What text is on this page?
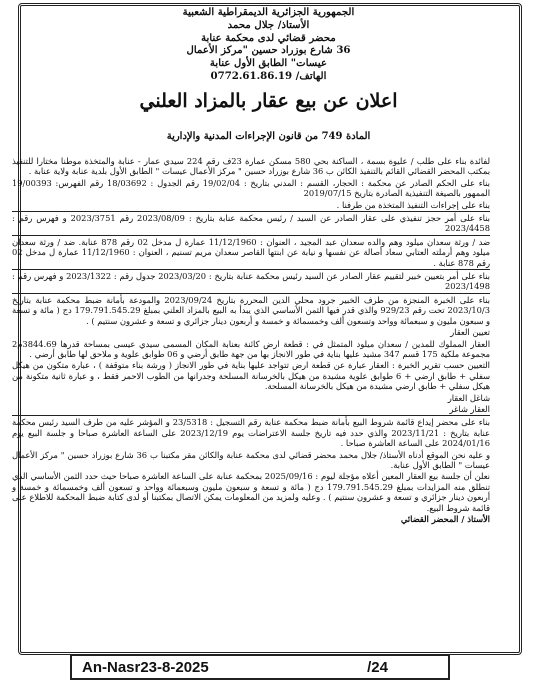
الجمهورية الجزائرية الديمقراطية الشعبية
الأستاذ/ جلال محمد
محضر قضائي لدى محكمة عنابة
36 شارع بوزراد حسين "مركز الأعمال
عيسات" الطابق الأول عنابة
الهاتف/ 0772.61.86.19
اعلان عن بيع عقار بالمزاد العلني
المادة 749 من قانون الإجراءات المدنية والإدارية

لفائدة بناء على طلب / عليوة بسمة ، الساكنة بحي 580 مسكن عمارة 23ف رقم 224 سيدي عمار - عنابة والمتخذة موطنا مختارا للتنفيذ بمكتب المحضر القضائي القائم بالتنفيذ الكائن ب 36 شارع بوزراد حسين " مركز الأعمال عيسات " الطابق الأول بلدية عنابة ولاية عنابة .

بناء على الحكم الصادر عن محكمة : الحجار، القسم : المدني بتاريخ : 19/02/04 رقم الجدول : 18/03692 رقم الفهرس: 19/00393 الممهور بالصيغة التنفيذية الصادرة بتاريخ 2019/07/15

بناء على إجراءات التنفيذ المتخذة من طرفنا .

بناء على أمر حجز تنفيذي على عقار الصادر عن السيد / رئيس محكمة عنابة بتاريخ : 2023/08/09 رقم 2023/3751 و فهرس رقم : 2023/4458

ضد / ورثة سعدان ميلود وهم والده سعدان عبد المجيد ، العنوان : 11/12/1960 عمارة ل مدخل 02 رقم 878 عنابة. ضد / ورثة سعدان ميلود وهم أرملته العتابي سعاد أصالة عن نفسها و نيابة عن ابنتها القاصر سعدان مريم تسنيم ، العنوان : 11/12/1960 عمارة ل مدخل 02 رقم 878 عنابة .

بناء على أمر بتعيين خبير لتقييم عقار الصادر عن السيد رئيس محكمة عنابة بتاريخ : 2023/03/20 جدول رقم : 2023/1322 و فهرس رقم : 2023/1498

بناء على الخبرة المنجزة من طرف الخبير جرود محلي الدين المحررة بتاريخ 2023/09/24 والمودعة بأمانة ضبط محكمة عنابة بتاريخ 2023/10/3 تحت رقم 929/23 والذي قدر فيها الثمن الأساسي الذي يبدأ به البيع بالمزاد العلني بمبلغ 179.791.545.29 دج ( مائة و تسعة و سبعون مليون و سبعمائة وواحد وتسعون ألف وخمسمائة و خمسة و أربعون دينار جزائري و تسعة و عشرون سنتيم ) .

تعيين العقار

العقار المملوك للمدين / سعدان ميلود المتمثل في : قطعة ارض كائنة بعنابة المكان المسمى سيدي عيسى بمساحة قدرها 3844.69م2 مجموعة ملكية 175 قسم 347 مشيد عليها بناية في طور الانجاز بها من جهة طابق أرضي و 06 طوابق علوية و ملاحق لها طابق أرضي .

التعيين حسب تقرير الخبرة : العقار عبارة عن قطعة ارض تتواجد عليها بناية في طور الانجاز ( ورشة بناء متوقفة ) ، عبارة متكون من هيكل سفلي + طابق ارضي + 6 طوابق علوية مشيدة من هيكل بالخرسانة المسلحة وجدرانها من الطوب الاحمر فقط ، و عبارة ثانية متكونة من هيكل سفلي + طابق ارضي مشيدة من هيكل بالخرسانة المسلحة.

شاغل العقار

العقار شاغر

بناء على محضر إيداع قائمة شروط البيع بأمانة ضبط محكمة عنابة رقم التسجيل : 23/5318 و المؤشر عليه من طرف السيد رئيس محكمة عنابة بتاريخ : 2023/11/21 والذي حدد فيه تاريخ جلسة الاعتراضات يوم 2023/12/19 على الساعة العاشرة صباحا و جلسة البيع يوم 2024/01/16 على الساعة العاشرة صباحا .

و عليه نحن الموقع أدناه الأستاذ/ جلال محمد محضر قضائي لدى محكمة عنابة والكائن مقر مكتبنا ب 36 شارع بوزراد حسين " مركز الأعمال عيسات " الطابق الأول عنابة.

نعلن أن جلسة بيع العقار المعين أعلاه مؤجلة ليوم : 2025/09/16 بمحكمة عنابة على الساعة العاشرة صباحا حيث حدد الثمن الأساسي الذي تنطلق منه المزايدات بمبلغ 179.791.545.29 دج ( مائة و تسعة و سبعون مليون وسبعمائة وواحد و تسعون ألف وخمسمائة و خمسة و أربعون دينار جزائري و تسعة و عشرون سنتيم ) . وعليه ولمزيد من المعلومات يمكن الاتصال بمكتبنا أو لدى كتابة ضبط المحكمة للاطلاع على قائمة شروط البيع.

الأستاذ / المحضر القضائي

An-Nasr23-8-2025	/24
